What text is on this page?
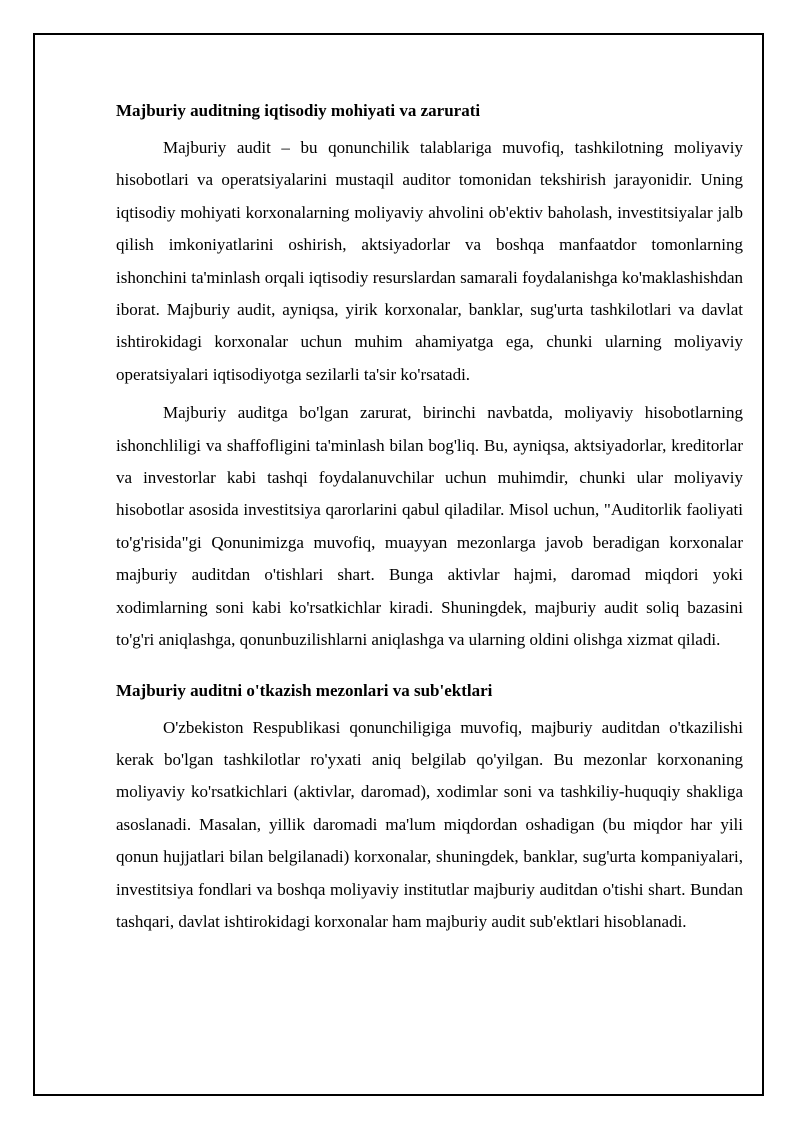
Majburiy auditning iqtisodiy mohiyati va zarurati

Majburiy audit – bu qonunchilik talablariga muvofiq, tashkilotning moliyaviy hisobotlari va operatsiyalarini mustaqil auditor tomonidan tekshirish jarayonidir. Uning iqtisodiy mohiyati korxonalarning moliyaviy ahvolini ob'ektiv baholash, investitsiyalar jalb qilish imkoniyatlarini oshirish, aktsiyadorlar va boshqa manfaatdor tomonlarning ishonchini ta'minlash orqali iqtisodiy resurslardan samarali foydalanishga ko'maklashishdan iborat. Majburiy audit, ayniqsa, yirik korxonalar, banklar, sug'urta tashkilotlari va davlat ishtirokidagi korxonalar uchun muhim ahamiyatga ega, chunki ularning moliyaviy operatsiyalari iqtisodiyotga sezilarli ta'sir ko'rsatadi.

Majburiy auditga bo'lgan zarurat, birinchi navbatda, moliyaviy hisobotlarning ishonchliligi va shaffofligini ta'minlash bilan bog'liq. Bu, ayniqsa, aktsiyadorlar, kreditorlar va investorlar kabi tashqi foydalanuvchilar uchun muhimdir, chunki ular moliyaviy hisobotlar asosida investitsiya qarorlarini qabul qiladilar. Misol uchun, "Auditorlik faoliyati to'g'risida"gi Qonunimizga muvofiq, muayyan mezonlarga javob beradigan korxonalar majburiy auditdan o'tishlari shart. Bunga aktivlar hajmi, daromad miqdori yoki xodimlarning soni kabi ko'rsatkichlar kiradi. Shuningdek, majburiy audit soliq bazasini to'g'ri aniqlashga, qonunbuzilishlarni aniqlashga va ularning oldini olishga xizmat qiladi.

Majburiy auditni o'tkazish mezonlari va sub'ektlari

O'zbekiston Respublikasi qonunchiligiga muvofiq, majburiy auditdan o'tkazilishi kerak bo'lgan tashkilotlar ro'yxati aniq belgilab qo'yilgan. Bu mezonlar korxonaning moliyaviy ko'rsatkichlari (aktivlar, daromad), xodimlar soni va tashkiliy-huquqiy shakliga asoslanadi. Masalan, yillik daromadi ma'lum miqdordan oshadigan (bu miqdor har yili qonun hujjatlari bilan belgilanadi) korxonalar, shuningdek, banklar, sug'urta kompaniyalari, investitsiya fondlari va boshqa moliyaviy institutlar majburiy auditdan o'tishi shart. Bundan tashqari, davlat ishtirokidagi korxonalar ham majburiy audit sub'ektlari hisoblanadi.
